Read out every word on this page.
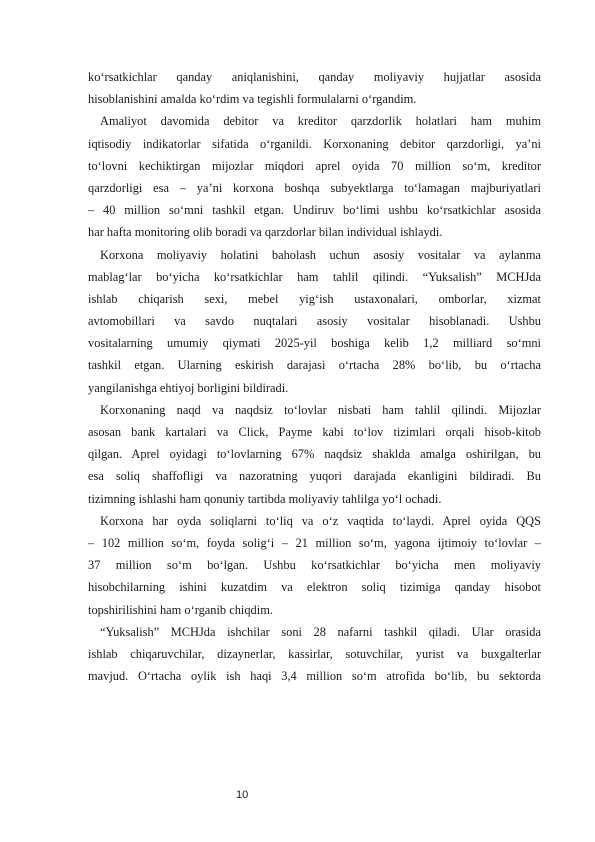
ko‘rsatkichlar qanday aniqlanishini, qanday moliyaviy hujjatlar asosida
hisoblanishini amalda ko‘rdim va tegishli formulalarni o‘rgandim.
Amaliyot davomida debitor va kreditor qarzdorlik holatlari ham muhim
iqtisodiy indikatorlar sifatida o‘rganildi. Korxonaning debitor qarzdorligi, ya’ni
to‘lovni kechiktirgan mijozlar miqdori aprel oyida 70 million so‘m, kreditor
qarzdorligi esa – ya’ni korxona boshqa subyektlarga to‘lamagan majburiyatlari
– 40 million so‘mni tashkil etgan. Undiruv bo‘limi ushbu ko‘rsatkichlar asosida
har hafta monitoring olib boradi va qarzdorlar bilan individual ishlaydi.
Korxona moliyaviy holatini baholash uchun asosiy vositalar va aylanma
mablag‘lar bo‘yicha ko‘rsatkichlar ham tahlil qilindi. “Yuksalish” MCHJda
ishlab chiqarish sexi, mebel yig‘ish ustaxonalari, omborlar, xizmat
avtomobillari va savdo nuqtalari asosiy vositalar hisoblanadi. Ushbu
vositalarning umumiy qiymati 2025-yil boshiga kelib 1,2 milliard so‘mni
tashkil etgan. Ularning eskirish darajasi o‘rtacha 28% bo‘lib, bu o‘rtacha
yangilanishga ehtiyoj borligini bildiradi.
Korxonaning naqd va naqdsiz to‘lovlar nisbati ham tahlil qilindi. Mijozlar
asosan bank kartalari va Click, Payme kabi to‘lov tizimlari orqali hisob-kitob
qilgan. Aprel oyidagi to‘lovlarning 67% naqdsiz shaklda amalga oshirilgan, bu
esa soliq shaffofligi va nazoratning yuqori darajada ekanligini bildiradi. Bu
tizimning ishlashi ham qonuniy tartibda moliyaviy tahlilga yo‘l ochadi.
Korxona har oyda soliqlarni to‘liq va o‘z vaqtida to‘laydi. Aprel oyida QQS
– 102 million so‘m, foyda solig‘i – 21 million so‘m, yagona ijtimoiy to‘lovlar –
37 million so‘m bo‘lgan. Ushbu ko‘rsatkichlar bo‘yicha men moliyaviy
hisobchilarning ishini kuzatdim va elektron soliq tizimiga qanday hisobot
topshirilishini ham o‘rganib chiqdim.
“Yuksalish” MCHJda ishchilar soni 28 nafarni tashkil qiladi. Ular orasida
ishlab chiqaruvchilar, dizaynerlar, kassirlar, sotuvchilar, yurist va buxgalterlar
mavjud. O‘rtacha oylik ish haqi 3,4 million so‘m atrofida bo‘lib, bu sektorda
10
